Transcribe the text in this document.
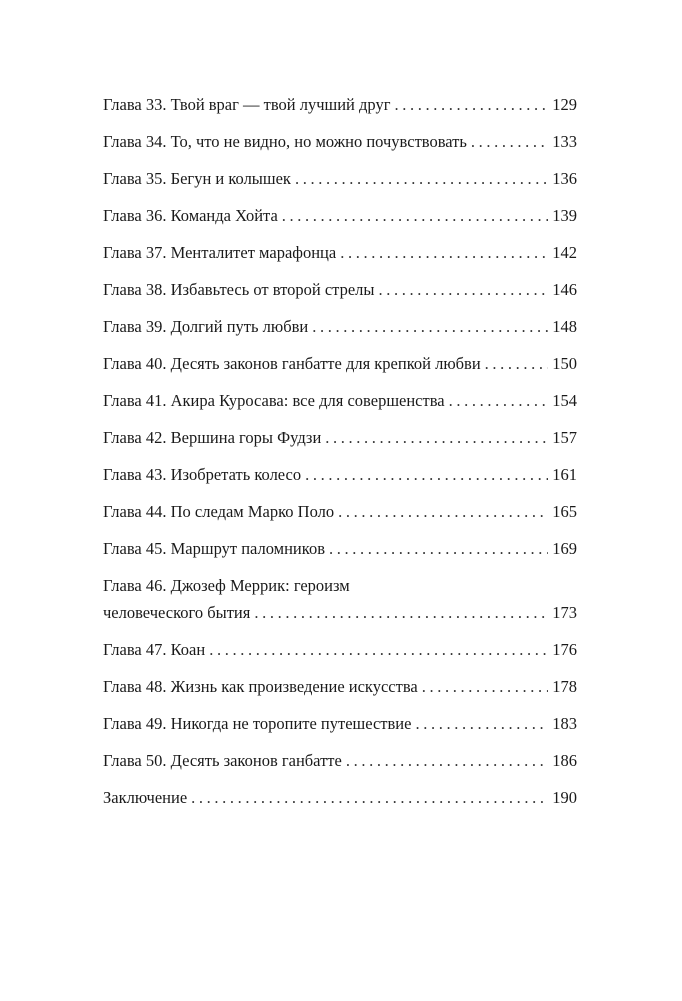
Глава 33. Твой враг — твой лучший друг . . .	129
Глава 34. То, что не видно, но можно почувствовать . . .	133
Глава 35. Бегун и колышек . . .	136
Глава 36. Команда Хойта . . .	139
Глава 37. Менталитет марафонца . . .	142
Глава 38. Избавьтесь от второй стрелы . . .	146
Глава 39. Долгий путь любви . . .	148
Глава 40. Десять законов ганбатте для крепкой любви . . .	150
Глава 41. Акира Куросава: все для совершенства . . .	154
Глава 42. Вершина горы Фудзи . . .	157
Глава 43. Изобретать колесо . . .	161
Глава 44. По следам Марко Поло . . .	165
Глава 45. Маршрут паломников . . .	169
Глава 46. Джозеф Меррик: героизм
человеческого бытия . . .	173
Глава 47. Коан . . .	176
Глава 48. Жизнь как произведение искусства . . .	178
Глава 49. Никогда не торопите путешествие . . .	183
Глава 50. Десять законов ганбатте . . .	186
Заключение . . .	190
